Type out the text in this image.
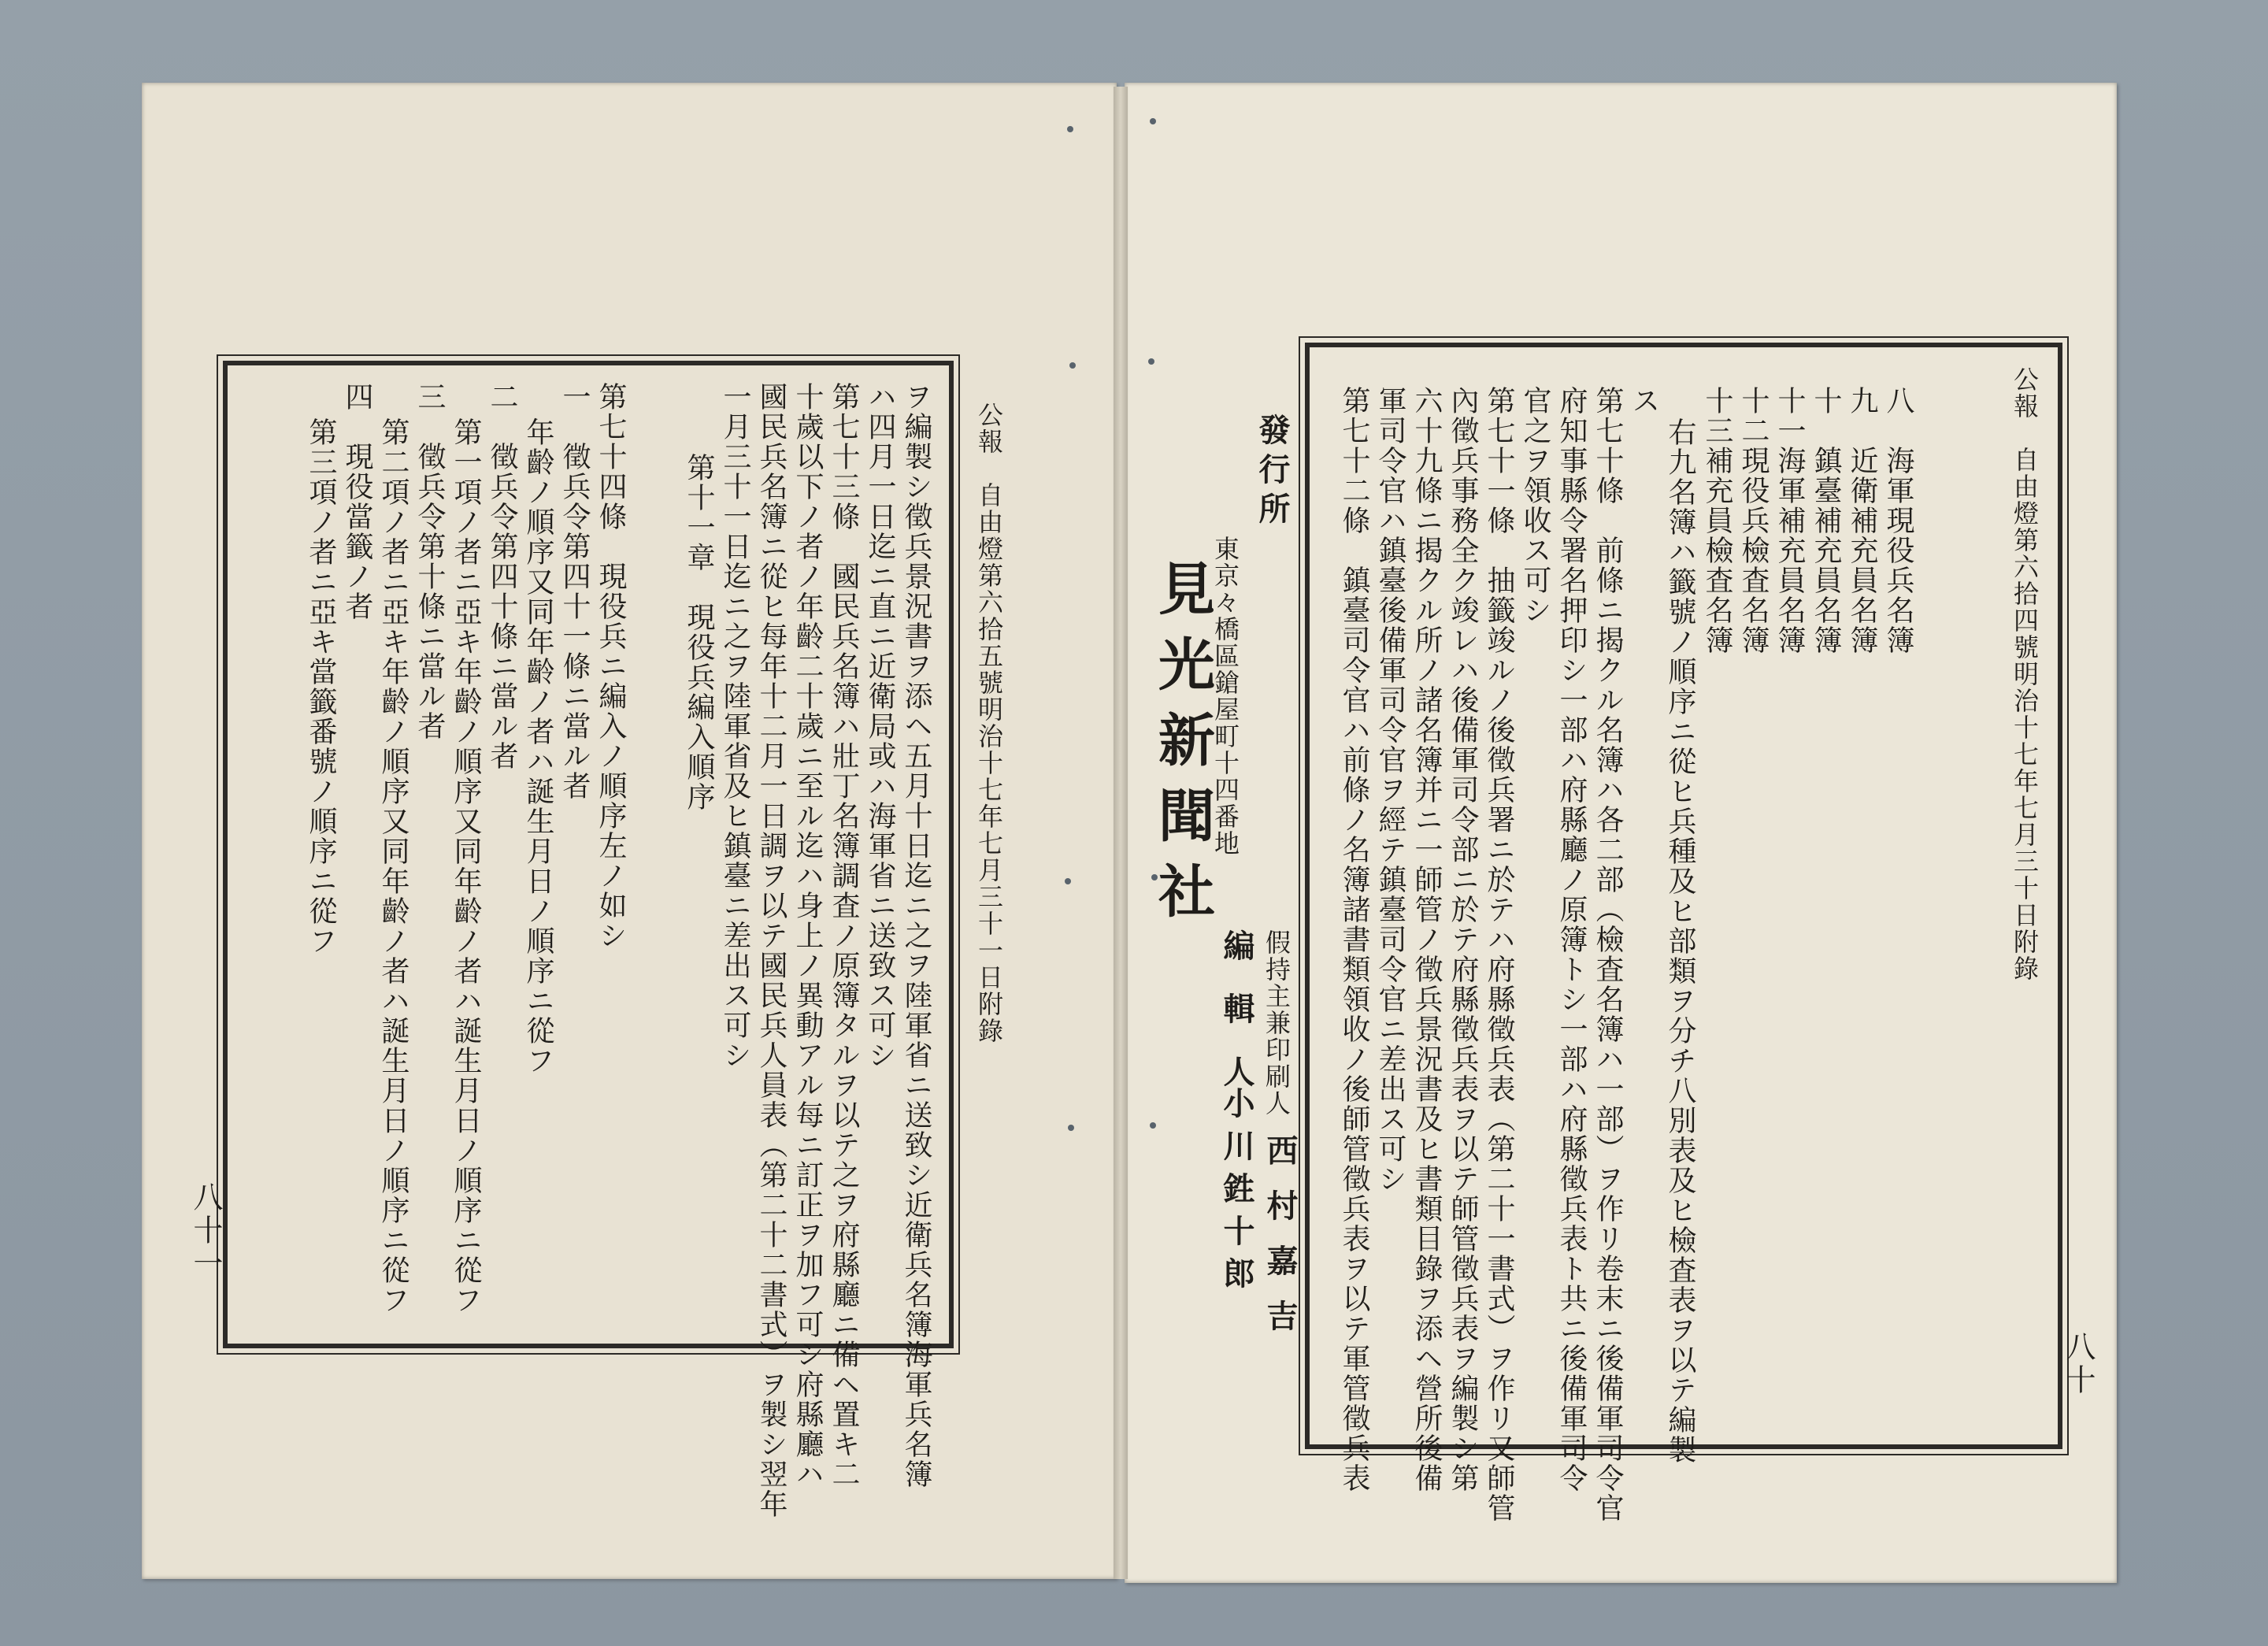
公報　自由燈第六拾四號明治十七年七月三十日附錄
八十
八　海軍現役兵名簿
九　近衛補充員名簿
十　鎮臺補充員名簿
十一海軍補充員名簿
十二現役兵檢査名簿
十三補充員檢査名簿
右九名簿ハ籤號ノ順序ニ從ヒ兵種及ヒ部類ヲ分チ八別表及ヒ檢査表ヲ以テ編製
ス
第七十條　前條ニ揭クル名簿ハ各二部（檢査名簿ハ一部）ヲ作リ卷末ニ後備軍司令官
府知事縣令署名押印シ一部ハ府縣廳ノ原簿トシ一部ハ府縣徵兵表ト共ニ後備軍司令
官之ヲ領收ス可シ
第七十一條　抽籤竣ルノ後徵兵署ニ於テハ府縣徵兵表（第二十一書式）ヲ作リ又師管
內徵兵事務全ク竣レハ後備軍司令部ニ於テ府縣徵兵表ヲ以テ師管徵兵表ヲ編製シ第
六十九條ニ揭クル所ノ諸名簿并ニ一師管ノ徵兵景況書及ヒ書類目錄ヲ添ヘ營所後備
軍司令官ハ鎮臺後備軍司令官ヲ經テ鎮臺司令官ニ差出ス可シ
第七十二條　鎮臺司令官ハ前條ノ名簿諸書類領收ノ後師管徵兵表ヲ以テ軍管徵兵表
發行所
東京々橋區鎗屋町十四番地
見光新聞社
假持主兼印刷人
西村嘉吉
編輯人
小川鉎十郎
公報　自由燈第六拾五號明治十七年七月三十一日附錄
八十一	ヲ編製シ徵兵景況書ヲ添ヘ五月十日迄ニ之ヲ陸軍省ニ送致シ近衛兵名簿海軍兵名簿
ハ四月一日迄ニ直ニ近衛局或ハ海軍省ニ送致ス可シ
第七十三條　國民兵名簿ハ壯丁名簿調査ノ原簿タルヲ以テ之ヲ府縣廳ニ備ヘ置キ二
十歲以下ノ者ノ年齡二十歲ニ至ル迄ハ身上ノ異動アル每ニ訂正ヲ加フ可シ府縣廳ハ
國民兵名簿ニ從ヒ每年十二月一日調ヲ以テ國民兵人員表（第二十二書式）ヲ製シ翌年
一月三十一日迄ニ之ヲ陸軍省及ヒ鎮臺ニ差出ス可シ
第十一章　現役兵編入順序
第七十四條　現役兵ニ編入ノ順序左ノ如シ
一　徵兵令第四十一條ニ當ル者
年齡ノ順序又同年齡ノ者ハ誕生月日ノ順序ニ從フ
二　徵兵令第四十條ニ當ル者
第一項ノ者ニ亞キ年齡ノ順序又同年齡ノ者ハ誕生月日ノ順序ニ從フ
三　徵兵令第十條ニ當ル者
第二項ノ者ニ亞キ年齡ノ順序又同年齡ノ者ハ誕生月日ノ順序ニ從フ
四　現役當籤ノ者
第三項ノ者ニ亞キ當籤番號ノ順序ニ從フ
